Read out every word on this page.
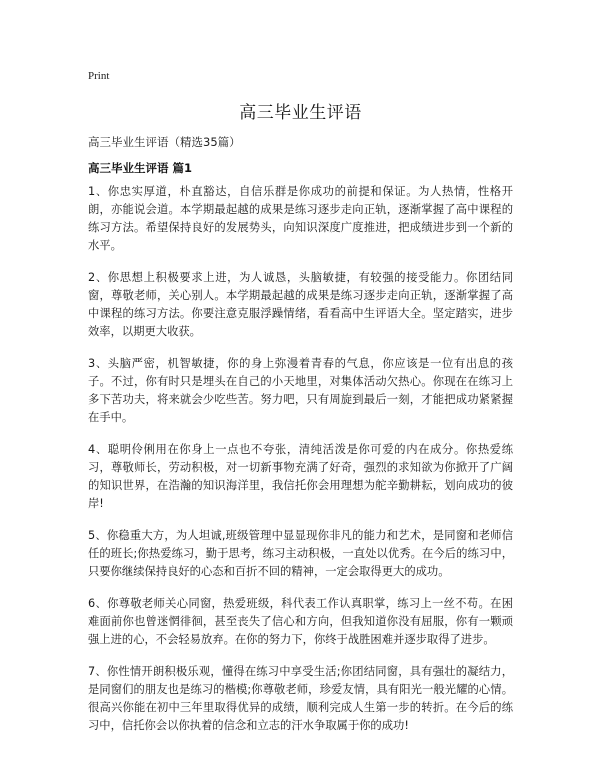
Print
高三毕业生评语
高三毕业生评语（精选35篇）
高三毕业生评语 篇1

1、你忠实厚道，朴直豁达，自信乐群是你成功的前提和保证。为人热情，性格开朗，亦能说会道。本学期最起越的成果是练习逐步走向正轨，逐渐掌握了高中课程的练习方法。希望保持良好的发展势头，向知识深度广度推进，把成绩进步到一个新的水平。

2、你思想上积极要求上进，为人诚恳，头脑敏捷，有较强的接受能力。你团结同窗，尊敬老师，关心别人。本学期最起越的成果是练习逐步走向正轨，逐渐掌握了高中课程的练习方法。你要注意克服浮躁情绪，看看高中生评语大全。坚定踏实，进步效率，以期更大收获。

3、头脑严密，机智敏捷，你的身上弥漫着青春的气息，你应该是一位有出息的孩子。不过，你有时只是埋头在自己的小天地里，对集体活动欠热心。你现在在练习上多下苦功夫，将来就会少吃些苦。努力吧，只有周旋到最后一刻，才能把成功紧紧握在手中。

4、聪明伶俐用在你身上一点也不夸张，清纯活泼是你可爱的内在成分。你热爱练习，尊敬师长，劳动积极，对一切新事物充满了好奇，强烈的求知欲为你掀开了广阔的知识世界，在浩瀚的知识海洋里，我信托你会用理想为舵辛勤耕耘，划向成功的彼岸!

5、你稳重大方，为人坦诚,班级管理中显显现你非凡的能力和艺术，是同窗和老师信任的班长;你热爱练习，勤于思考，练习主动积极，一直处以优秀。在今后的练习中，只要你继续保持良好的心态和百折不回的精神，一定会取得更大的成功。

6、你尊敬老师关心同窗，热爱班级，科代表工作认真职掌，练习上一丝不苟。在困难面前你也曾迷惘徘徊，甚至丧失了信心和方向，但我知道你没有屈服，你有一颗顽强上进的心，不会轻易放弃。在你的努力下，你终于战胜困难并逐步取得了进步。

7、你性情开朗积极乐观，懂得在练习中享受生活;你团结同窗，具有强壮的凝结力，是同窗们的朋友也是练习的楷模;你尊敬老师，珍爱友情，具有阳光一般光耀的心情。很高兴你能在初中三年里取得优异的成绩，顺利完成人生第一步的转折。在今后的练习中，信托你会以你执着的信念和立志的汗水争取属于你的成功!
